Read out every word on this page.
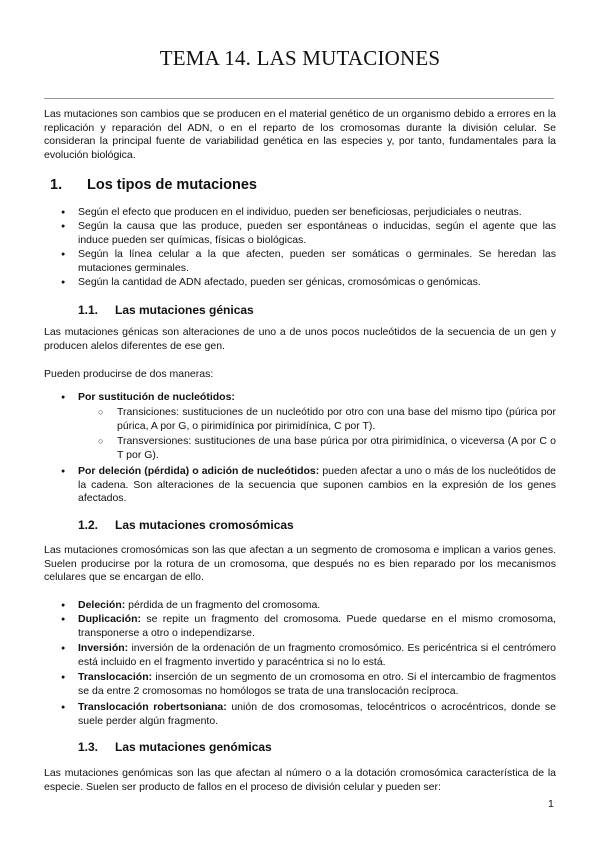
TEMA 14. LAS MUTACIONES
Las mutaciones son cambios que se producen en el material genético de un organismo debido a errores en la replicación y reparación del ADN, o en el reparto de los cromosomas durante la división celular. Se consideran la principal fuente de variabilidad genética en las especies y, por tanto, fundamentales para la evolución biológica.
1. Los tipos de mutaciones
● Según el efecto que producen en el individuo, pueden ser beneficiosas, perjudiciales o neutras.
● Según la causa que las produce, pueden ser espontáneas o inducidas, según el agente que las induce pueden ser químicas, físicas o biológicas.
● Según la línea celular a la que afecten, pueden ser somáticas o germinales. Se heredan las mutaciones germinales.
● Según la cantidad de ADN afectado, pueden ser génicas, cromosómicas o genómicas.
1.1. Las mutaciones génicas
Las mutaciones génicas son alteraciones de uno a de unos pocos nucleótidos de la secuencia de un gen y producen alelos diferentes de ese gen.
Pueden producirse de dos maneras:
● Por sustitución de nucleótidos:
○ Transiciones: sustituciones de un nucleótido por otro con una base del mismo tipo (púrica por púrica, A por G, o pirimidínica por pirimidínica, C por T).
○ Transversiones: sustituciones de una base púrica por otra pirimidínica, o viceversa (A por C o T por G).
● Por deleción (pérdida) o adición de nucleótidos: pueden afectar a uno o más de los nucleótidos de la cadena. Son alteraciones de la secuencia que suponen cambios en la expresión de los genes afectados.
1.2. Las mutaciones cromosómicas
Las mutaciones cromosómicas son las que afectan a un segmento de cromosoma e implican a varios genes. Suelen producirse por la rotura de un cromosoma, que después no es bien reparado por los mecanismos celulares que se encargan de ello.
● Deleción: pérdida de un fragmento del cromosoma.
● Duplicación: se repite un fragmento del cromosoma. Puede quedarse en el mismo cromosoma, transponerse a otro o independizarse.
● Inversión: inversión de la ordenación de un fragmento cromosómico. Es pericéntrica si el centrómero está incluido en el fragmento invertido y paracéntrica si no lo está.
● Translocación: inserción de un segmento de un cromosoma en otro. Si el intercambio de fragmentos se da entre 2 cromosomas no homólogos se trata de una translocación recíproca.
● Translocación robertsoniana: unión de dos cromosomas, telocéntricos o acrocéntricos, donde se suele perder algún fragmento.
1.3. Las mutaciones genómicas
Las mutaciones genómicas son las que afectan al número o a la dotación cromosómica característica de la especie. Suelen ser producto de fallos en el proceso de división celular y pueden ser:
1
